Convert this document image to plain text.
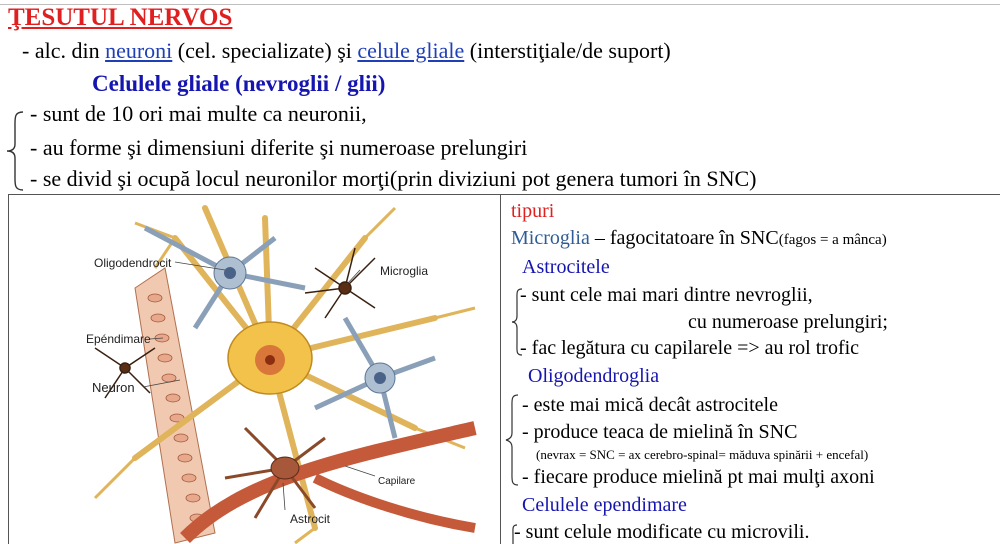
ŢESUTUL NERVOS
- alc. din neuroni (cel. specializate) şi celule gliale (interstiţiale/de suport)
Celulele gliale (nevroglii / glii)
- sunt de 10 ori mai multe ca neuronii,
- au forme şi dimensiuni diferite şi numeroase prelungiri
- se divid şi ocupă locul neuronilor morţi(prin diviziuni pot genera tumori în SNC)
Oligodendrocit
Microglia
Epéndimare
Neuron
Capilare
Astrocit
tipuri
Microglia – fagocitatoare în SNC(fagos = a mânca)
Astrocitele
- sunt cele mai mari dintre nevroglii,
cu numeroase prelungiri;
- fac legătura cu capilarele => au rol trofic
Oligodendroglia
- este mai mică decât astrocitele
- produce teaca de mielină în SNC
(nevrax = SNC = ax cerebro-spinal= măduva spinării + encefal)
- fiecare produce mielină pt mai mulţi axoni
Celulele ependimare
- sunt celule modificate cu microvili.
